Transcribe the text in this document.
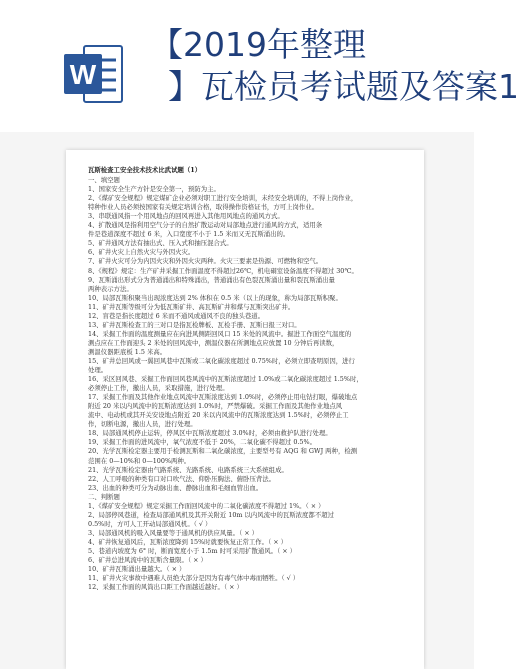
W
【2019年整理
】瓦检员考试题及答案1
瓦斯检查工安全技术技术比武试题（1）
一、填空题
1、国家安全生产方针是安全第一，预防为主。
2、《煤矿安全规程》规定煤矿企业必须对职工进行安全培训，未经安全培训的，不得上岗作业，
特种作业人员必须按国家有关规定培训合格，取得操作资格证书，方可上岗作业。
3、串联通风指一个用风地点的回风再进入其他用风地点的通风方式。
4、扩散通风是指利用空气分子的自然扩散运动对局部地点进行通风的方式，适用条
件是巷道深度不超过 6 米，入口宽度不小于 1.5 米而又无瓦斯涌出的。
5、矿井通风方法有抽出式、压入式和抽压混合式。
6、矿井火灾上自然火灾与外因火灾。
7、矿井火灾可分为内因火灾和外因火灾两种。火灾三要素是热源、可燃物和空气。
8、《规程》规定：生产矿井采掘工作面温度不得超过26℃，机电硐室设备温度不得超过 30℃。
9、瓦斯涌出形式分为普通涌出和特殊涌出，普通涌出有色裂瓦斯涌出量和裂瓦斯涌出量
两种表示方法。
10、局部瓦斯积聚当出现浓度达到 2% 体积在 0.5 米（以上的现象，称为局部瓦斯积聚。
11、矿井瓦斯等级可分为低瓦斯矿井、高瓦斯矿井和煤与瓦斯突出矿井。
12、盲巷是指长度超过 6 米而不通风或通风不良的独头巷道。
13、矿井瓦斯检查工的三对口是指瓦检牌板、瓦检手册、瓦斯日报三对口。
14、采掘工作面的温度测量应在向进风侧距回风口 15 米处的风流中。掘进工作面空气温度的
测点应在工作面迎头 2 米处的回风流中，测温仪器在所测地点应放置 10 分钟后再读数，
测温仪器距底板 1.5 米高。
15、矿井总回风或一翼回风巷中瓦斯或二氧化碳浓度超过 0.75%时，必须立即查明原因，进行
处理。
16、采区回风巷、采掘工作面回风巷风流中的瓦斯浓度超过 1.0%或二氧化碳浓度超过 1.5%时，
必须停止工作，撤出人员，采取措施，进行处理。
17、采掘工作面及其他作业地点风流中瓦斯浓度达到 1.0%时，必须停止用电钻打眼，爆破地点
附近 20 米以内风流中的瓦斯浓度达到 1.0%时，严禁爆破。采掘工作面及其他作业地点风
流中、电动机或其开关安设地点附近 20 米以内风流中的瓦斯浓度达到 1.5%时，必须停止工
作，切断电源，撤出人员，进行处理。
18、局部通风机停止运转，停风区中瓦斯浓度超过 3.0%时，必须由救护队进行处理。
19、采掘工作面的进风流中，氧气浓度不低于 20%，二氧化碳不得超过 0.5%。
20、光学瓦斯检定器主要用于检测瓦斯和二氧化碳浓度，主要型号有 AQG 和 GWJ 两种，检测
范围在 0—10%和 0—100%两种。
21、光学瓦斯检定器由气路系统、光路系统、电路系统三大系统组成。
22、人工呼吸的种类有口对口吹气法、仰卧压胸法、俯卧压背法。
23、出血的种类可分为动脉出血、静脉出血和毛细血管出血。
二、判断题
1、《煤矿安全规程》规定采掘工作面回风流中的二氧化碳浓度不得超过 1%。（ × ）
2、局部停风巷道，检查局部通风机及其开关附近 10m 以内风流中的瓦斯浓度都不超过
0.5%时，方可人工开动局部通风机。（ √ ）
3、局部通风机的吸入风量要等于通风机的供应风量。（ × ）
4、矿井恢复通风后，瓦斯浓度降到 15%时就要恢复正常工作。（ × ）
5、巷道内坡度为 6° 时，断面宽度小于 1.5m 时可采用扩散通风。（ × ）
6、矿井总进风流中的瓦斯含量限。（ × ）
10、矿井瓦斯涌出量越大。（ × ）
11、矿井火灾事故中遇难人员绝大部分是因为有毒气体中毒而牺牲。（ √ ）
12、采掘工作面的风筒出口距工作面越近越好。（ × ）
